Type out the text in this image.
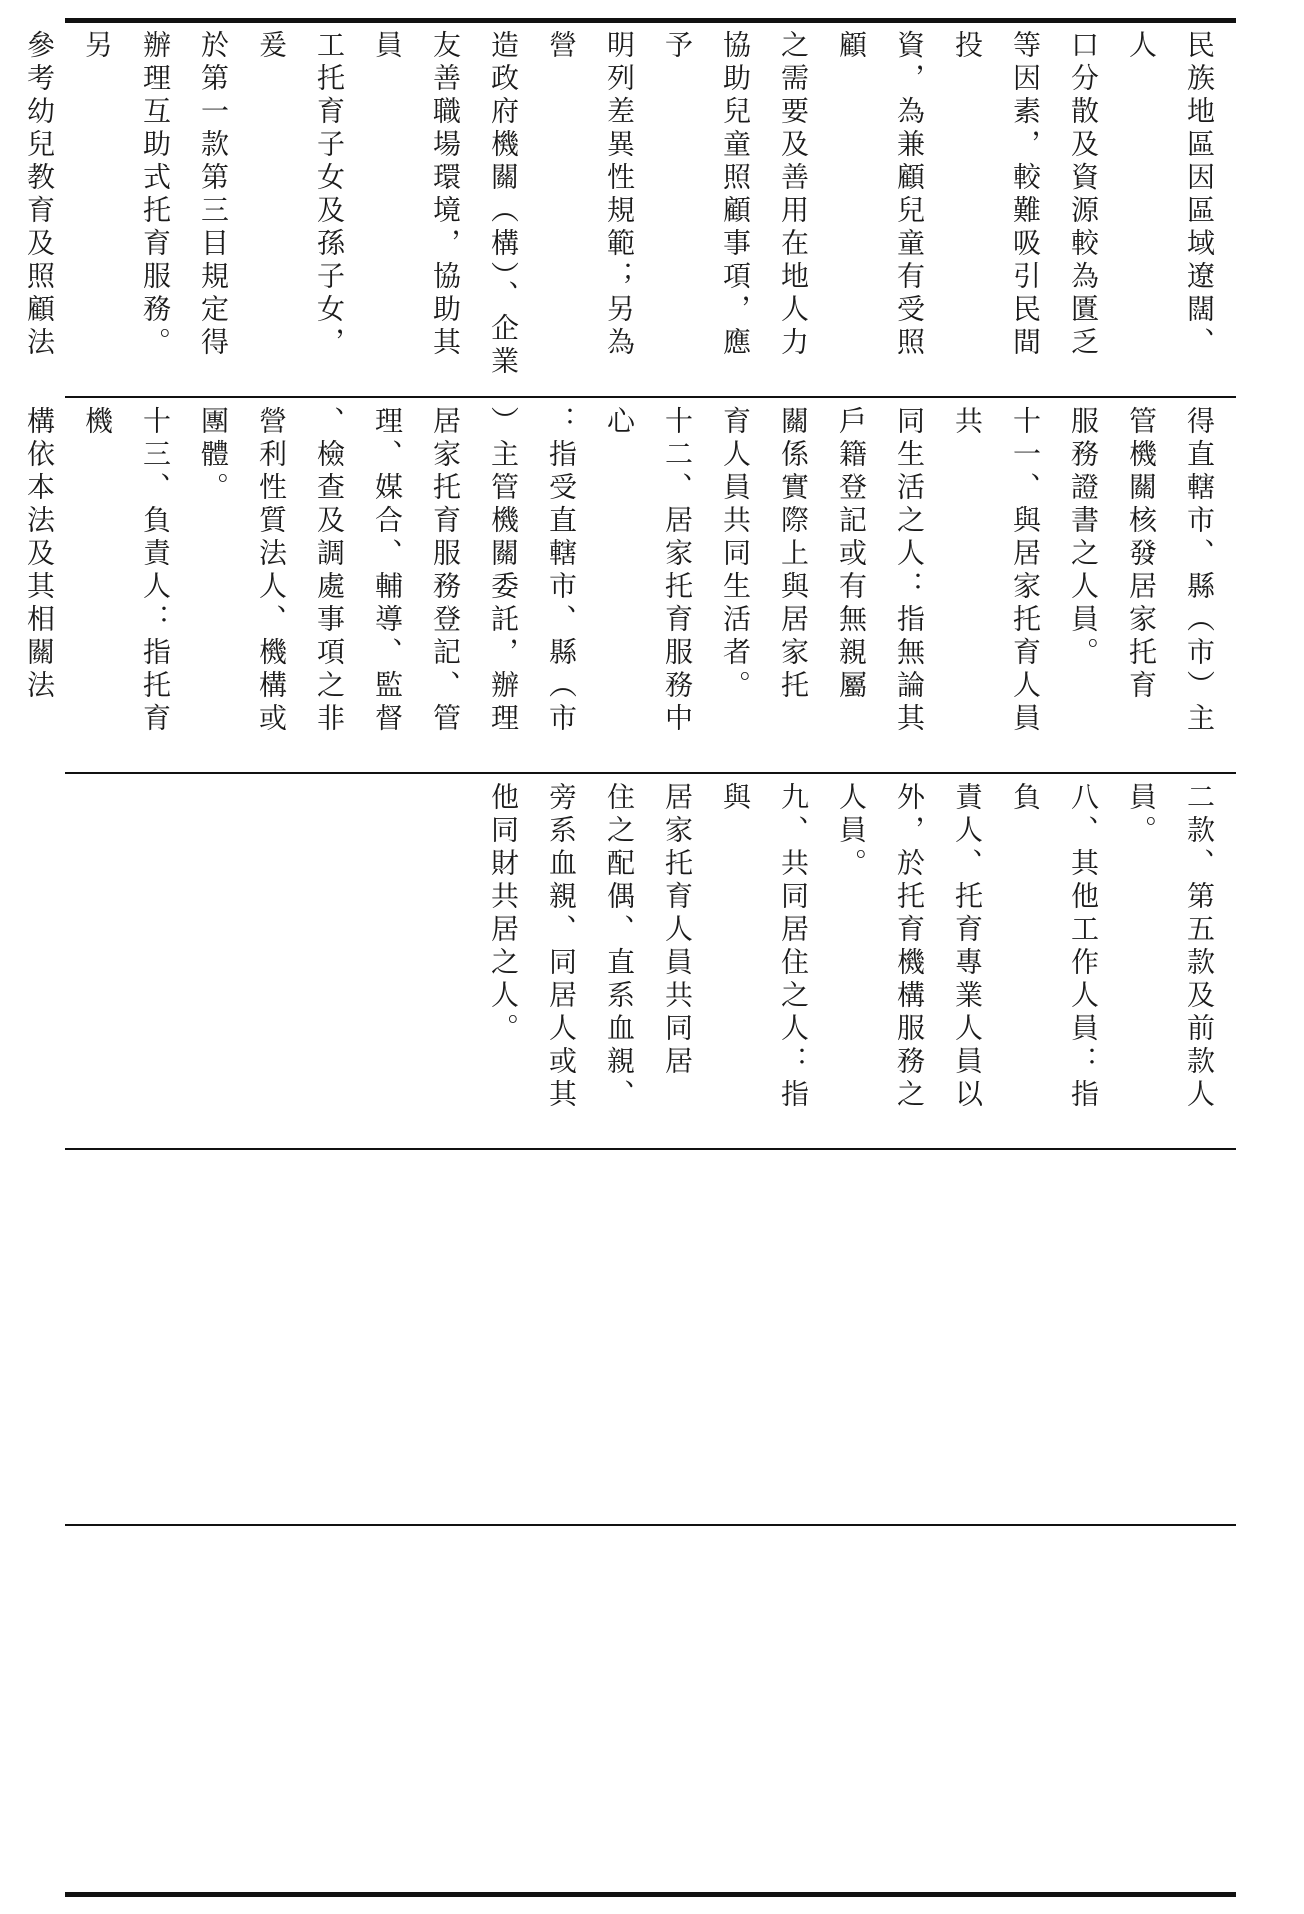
民族地區因區域遼闊、人
口分散及資源較為匱乏
等因素，較難吸引民間投
資，為兼顧兒童有受照顧
之需要及善用在地人力
協助兒童照顧事項，應予
明列差異性規範；另為營
造政府機關（構）、企業
友善職場環境，協助其員
工托育子女及孫子女，爰
於第一款第三目規定得
辦理互助式托育服務。另
參考幼兒教育及照顧法

得直轄市、縣（市）主
管機關核發居家托育
服務證書之人員。
十一、與居家托育人員共
同生活之人：指無論其
戶籍登記或有無親屬
關係實際上與居家托
育人員共同生活者。
十二、居家托育服務中心
：指受直轄市、縣（市
）主管機關委託，辦理
居家托育服務登記、管
理、媒合、輔導、監督
、檢查及調處事項之非
營利性質法人、機構或
團體。
十三、負責人：指托育機
構依本法及其相關法

二款、第五款及前款人
員。
八、其他工作人員：指負
責人、托育專業人員以
外，於托育機構服務之
人員。
九、共同居住之人：指與
居家托育人員共同居
住之配偶、直系血親、
旁系血親、同居人或其
他同財共居之人。
